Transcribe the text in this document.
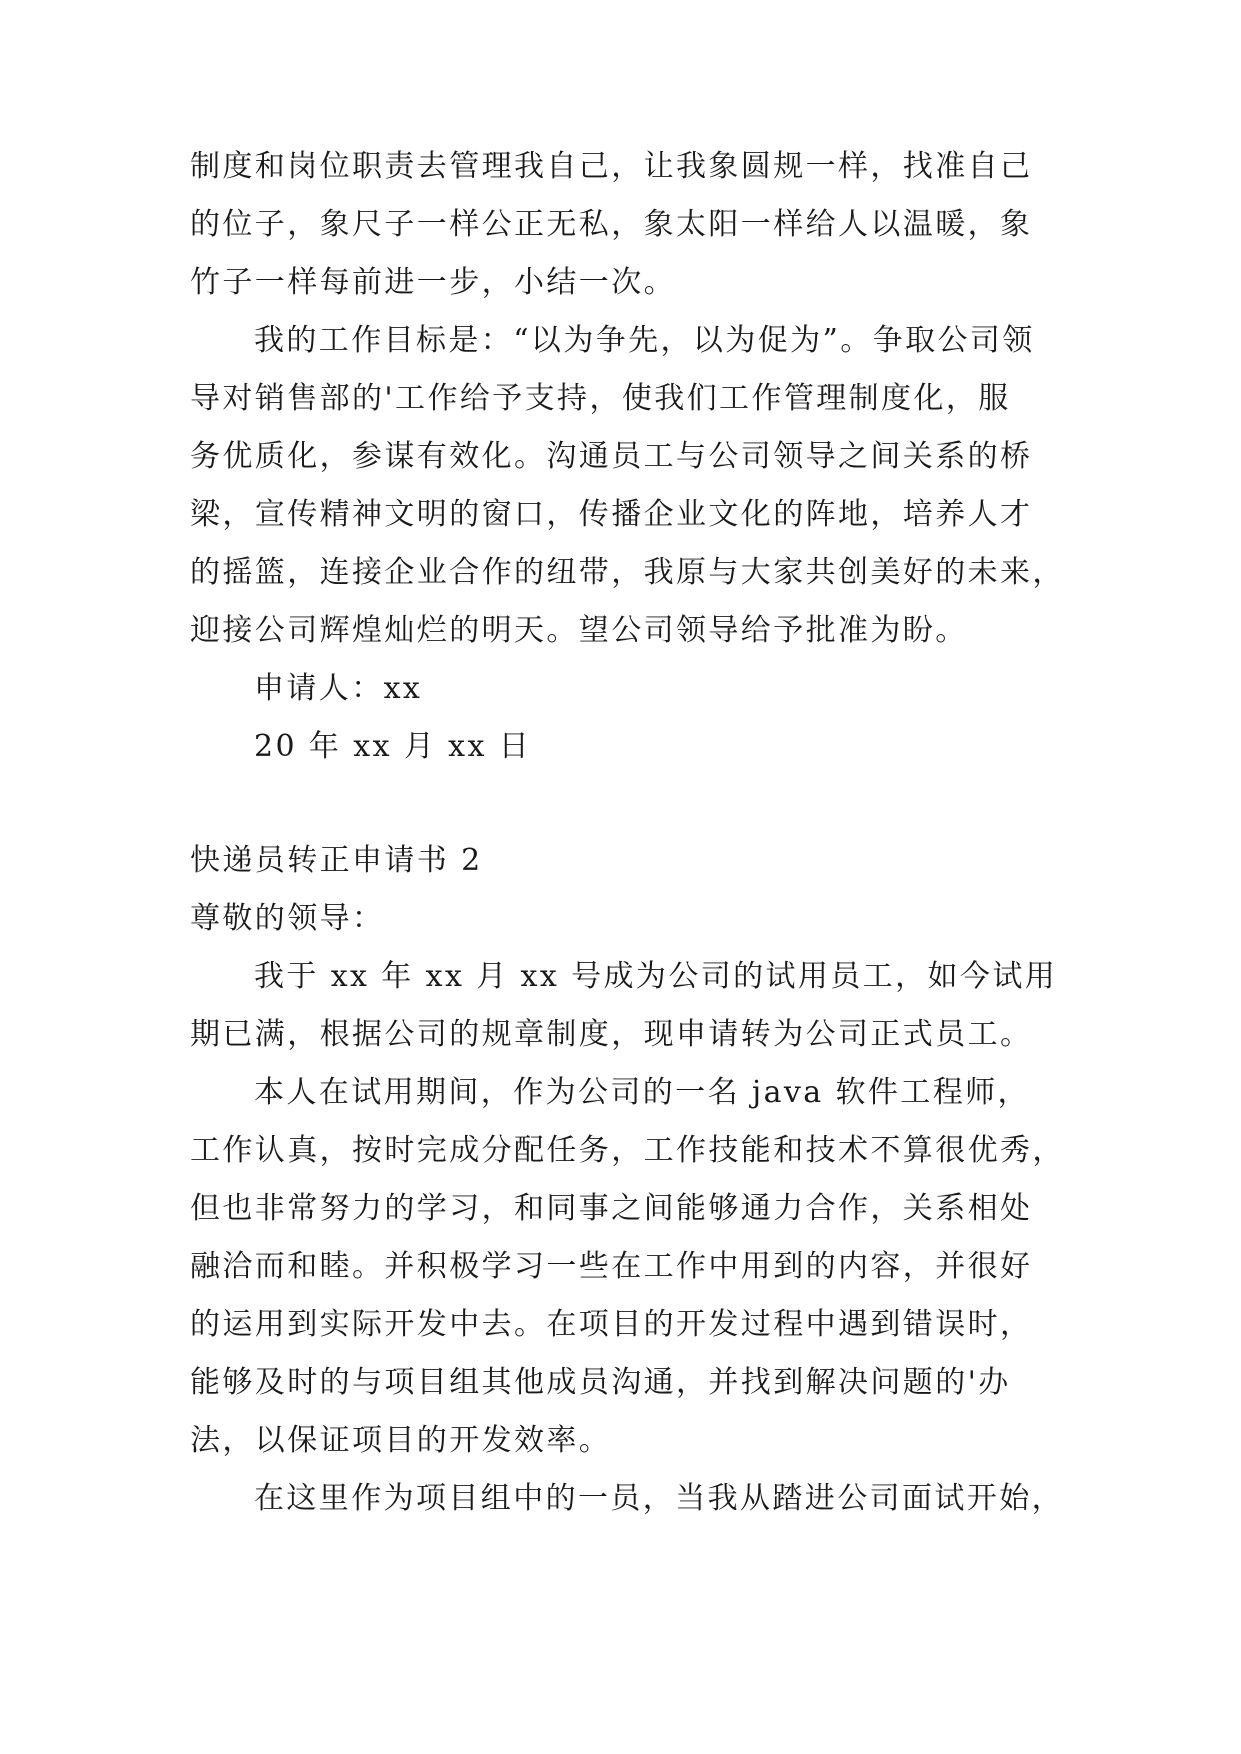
制度和岗位职责去管理我自己，让我象圆规一样，找准自己
的位子，象尺子一样公正无私，象太阳一样给人以温暖，象
竹子一样每前进一步，小结一次。
我的工作目标是：“以为争先，以为促为”。争取公司领
导对销售部的'工作给予支持，使我们工作管理制度化，服
务优质化，参谋有效化。沟通员工与公司领导之间关系的桥
梁，宣传精神文明的窗口，传播企业文化的阵地，培养人才
的摇篮，连接企业合作的纽带，我原与大家共创美好的未来，
迎接公司辉煌灿烂的明天。望公司领导给予批准为盼。
申请人：xx
20 年 xx 月 xx 日
快递员转正申请书 2
尊敬的领导：
我于 xx 年 xx 月 xx 号成为公司的试用员工，如今试用
期已满，根据公司的规章制度，现申请转为公司正式员工。
本人在试用期间，作为公司的一名 java 软件工程师，
工作认真，按时完成分配任务，工作技能和技术不算很优秀，
但也非常努力的学习，和同事之间能够通力合作，关系相处
融洽而和睦。并积极学习一些在工作中用到的内容，并很好
的运用到实际开发中去。在项目的开发过程中遇到错误时，
能够及时的与项目组其他成员沟通，并找到解决问题的'办
法，以保证项目的开发效率。
在这里作为项目组中的一员，当我从踏进公司面试开始，
